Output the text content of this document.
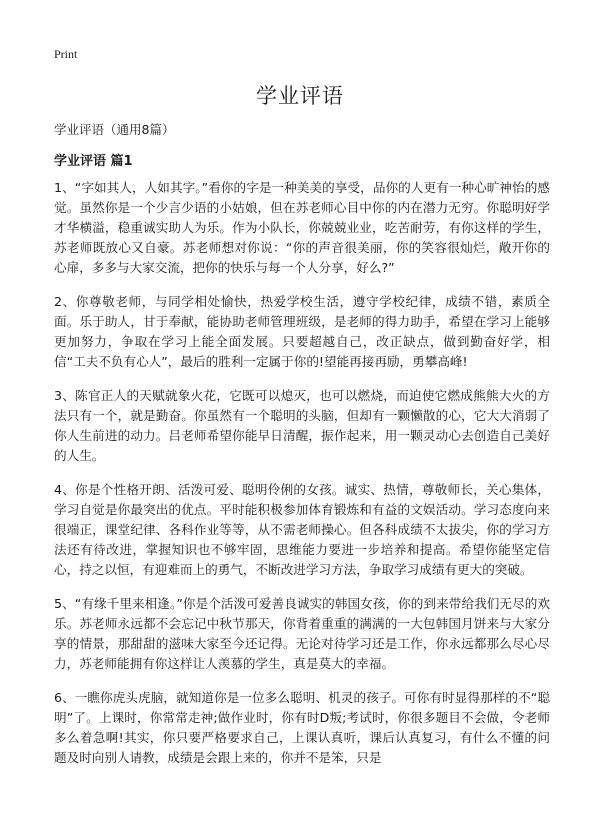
Print
学业评语

学业评语（通用8篇）

学业评语 篇1

1、“字如其人，人如其字。”看你的字是一种美美的享受，品你的人更有一种心旷神怡的感觉。虽然你是一个少言少语的小姑娘，但在苏老师心目中你的内在潜力无穷。你聪明好学才华横溢，稳重诚实助人为乐。作为小队长，你兢兢业业，吃苦耐劳，有你这样的学生，苏老师既放心又自豪。苏老师想对你说：“你的声音很美丽，你的笑容很灿烂，敞开你的心扉，多多与大家交流，把你的快乐与每一个人分享，好么?”

2、你尊敬老师，与同学相处愉快，热爱学校生活，遵守学校纪律，成绩不错，素质全面。乐于助人，甘于奉献，能协助老师管理班级，是老师的得力助手，希望在学习上能够更加努力，争取在学习上能全面发展。只要超越自己，改正缺点，做到勤奋好学，相信“工夫不负有心人”，最后的胜利一定属于你的!望能再接再励，勇攀高峰!

3、陈官正人的天赋就象火花，它既可以熄灭，也可以燃烧，而迫使它燃成熊熊大火的方法只有一个，就是勤奋。你虽然有一个聪明的头脑，但却有一颗懒散的心，它大大消弱了你人生前进的动力。吕老师希望你能早日清醒，振作起来，用一颗灵动心去创造自己美好的人生。

4、你是个性格开朗、活泼可爱、聪明伶俐的女孩。诚实、热情，尊敬师长，关心集体，学习自觉是你最突出的优点。平时能积极参加体育锻炼和有益的文娱活动。学习态度向来很端正，课堂纪律、各科作业等等，从不需老师操心。但各科成绩不太拔尖，你的学习方法还有待改进，掌握知识也不够牢固，思维能力要进一步培养和提高。希望你能坚定信心，持之以恒，有迎难而上的勇气，不断改进学习方法，争取学习成绩有更大的突破。

5、“有缘千里来相逢。”你是个活泼可爱善良诚实的韩国女孩，你的到来带给我们无尽的欢乐。苏老师永远都不会忘记中秋节那天，你背着重重的满满的一大包韩国月饼来与大家分享的情景，那甜甜的滋味大家至今还记得。无论对待学习还是工作，你永远都那么尽心尽力，苏老师能拥有你这样让人羡慕的学生，真是莫大的幸福。

6、一瞧你虎头虎脑，就知道你是一位多么聪明、机灵的孩子。可你有时显得那样的不“聪明”了。上课时，你常常走神;做作业时，你有时D叛;考试时，你很多题目不会做，令老师多么着急啊!其实，你只要严格要求自己，上课认真听，课后认真复习，有什么不懂的问题及时向别人请教，成绩是会跟上来的，你并不是笨，只是
